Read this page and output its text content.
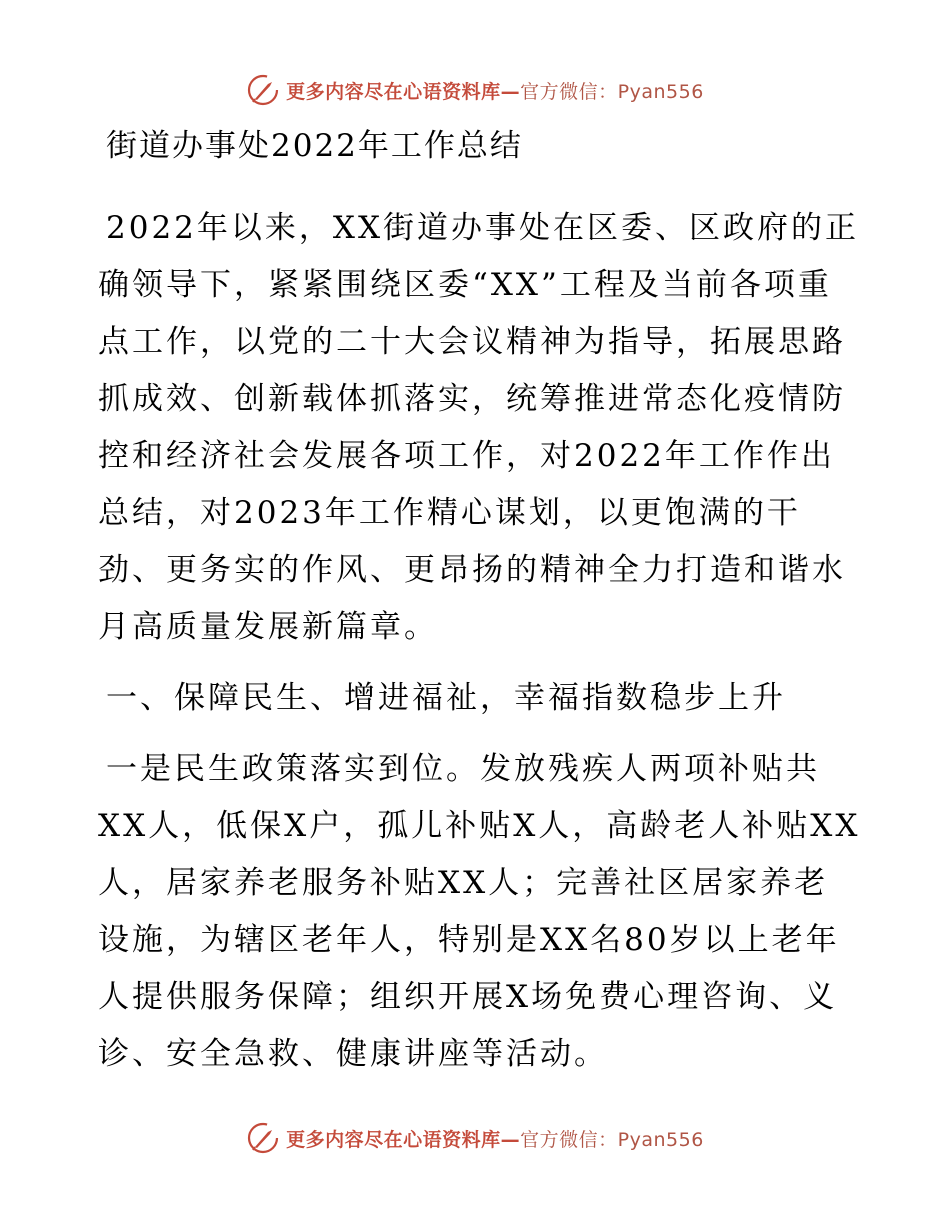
更多内容尽在心语资料库—官方微信：Pyan556
街道办事处2022年工作总结

2022年以来，XX街道办事处在区委、区政府的正
确领导下，紧紧围绕区委“XX”工程及当前各项重
点工作，以党的二十大会议精神为指导，拓展思路
抓成效、创新载体抓落实，统筹推进常态化疫情防
控和经济社会发展各项工作，对2022年工作作出
总结，对2023年工作精心谋划，以更饱满的干
劲、更务实的作风、更昂扬的精神全力打造和谐水
月高质量发展新篇章。

一、保障民生、增进福祉，幸福指数稳步上升

一是民生政策落实到位。发放残疾人两项补贴共
XX人，低保X户，孤儿补贴X人，高龄老人补贴XX
人，居家养老服务补贴XX人；完善社区居家养老
设施，为辖区老年人，特别是XX名80岁以上老年
人提供服务保障；组织开展X场免费心理咨询、义
诊、安全急救、健康讲座等活动。

更多内容尽在心语资料库—官方微信：Pyan556
